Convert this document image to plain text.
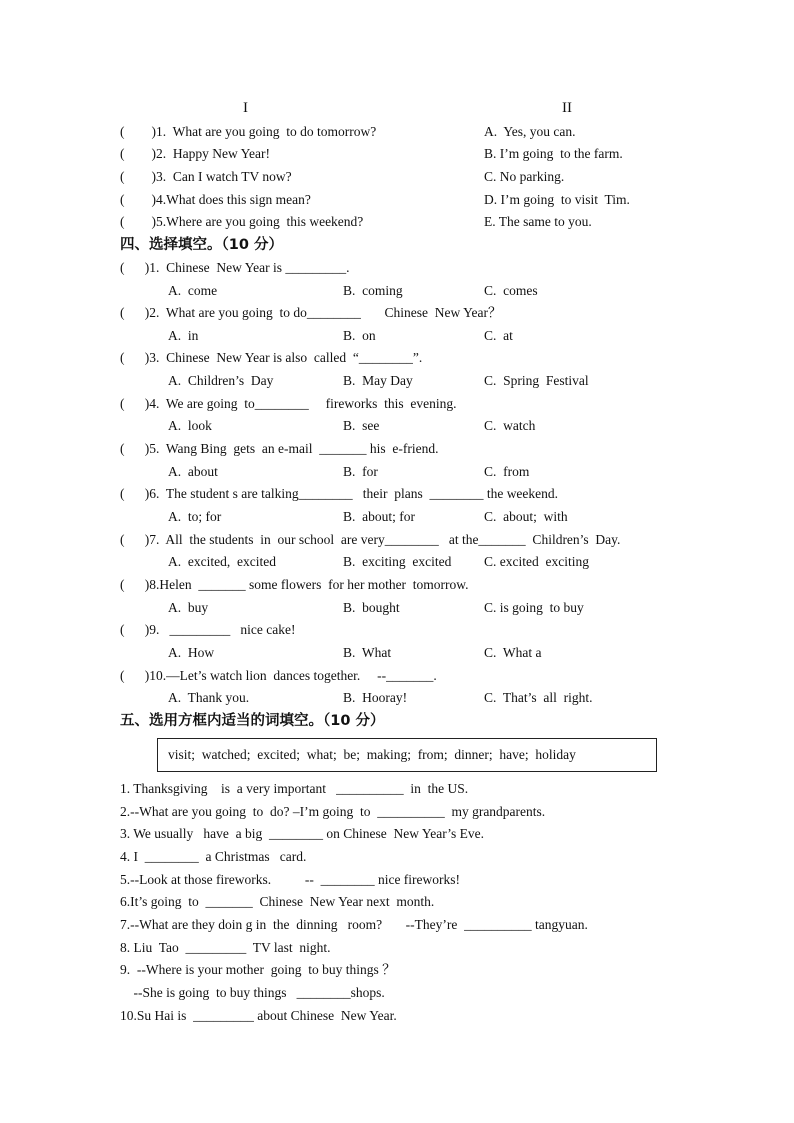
I	II
(        )1.  What are you going  to do tomorrow?	A.  Yes, you can.
(        )2.  Happy New Year!	B. I’m going  to the farm.
(        )3.  Can I watch TV now?	C. No parking.
(        )4.What does this sign mean?	D. I’m going  to visit  Tim.
(        )5.Where are you going  this weekend?	E. The same to you.
四、选择填空。（10 分）
(      )1.  Chinese  New Year is _________.
A.  come	B.  coming	C.  comes
(      )2.  What are you going  to do________       Chinese  New Year？
A.  in	B.  on	C.  at
(      )3.  Chinese  New Year is also  called  “________”.
A.  Children’s  Day	B.  May Day	C.  Spring  Festival
(      )4.  We are going  to________     fireworks  this  evening.
A.  look	B.  see	C.  watch
(      )5.  Wang Bing  gets  an e-mail  _______ his  e-friend.
A.  about	B.  for	C.  from
(      )6.  The student s are talking________   their  plans  ________ the weekend.
A.  to; for	B.  about; for	C.  about;  with
(      )7.  All  the students  in  our school  are very________   at the_______  Children’s  Day.
A.  excited,  excited	B.  exciting  excited C. excited  exciting
(      )8.Helen  _______ some flowers  for her mother  tomorrow.
A.  buy	B.  bought	C. is going  to buy
(      )9.   _________   nice cake!
A.  How	B.  What	C.  What a
(      )10.—Let’s watch lion  dances together.     --_______.
A.  Thank you.	B.  Hooray!	C.  That’s  all  right.
五、选用方框内适当的词填空。（10 分）
visit;  watched;  excited;  what;  be;  making;  from;  dinner;  have;  holiday
1. Thanksgiving    is  a very important   __________  in  the US.
2.--What are you going  to  do? –I’m going  to  __________  my grandparents.
3. We usually   have  a big  ________ on Chinese  New Year’s Eve.
4. I  ________  a Christmas   card.
5.--Look at those fireworks.          --  ________ nice fireworks!
6.It’s going  to  _______  Chinese  New Year next  month.
7.--What are they doin g in  the  dinning   room?       --They’re  __________ tangyuan.
8. Liu  Tao  _________  TV last  night.
9.  --Where is your mother  going  to buy things ？
--She is going  to buy things   ________shops.
10.Su Hai is  _________ about Chinese  New Year.
